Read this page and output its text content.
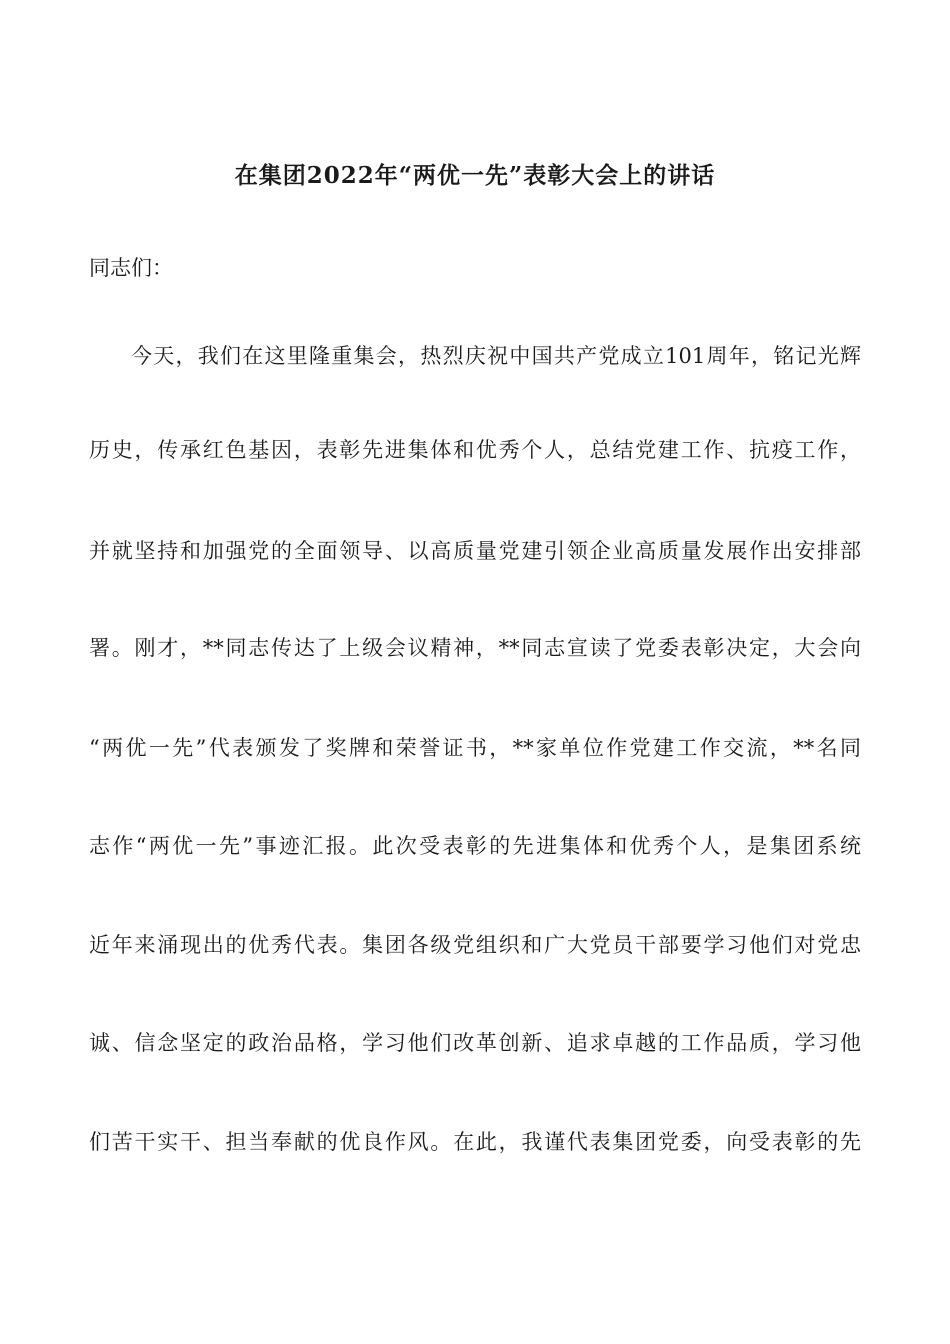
在集团2022年“两优一先”表彰大会上的讲话
同志们：
今天，我们在这里隆重集会，热烈庆祝中国共产党成立101周年，铭记光辉
历史，传承红色基因，表彰先进集体和优秀个人，总结党建工作、抗疫工作，
并就坚持和加强党的全面领导、以高质量党建引领企业高质量发展作出安排部
署。刚才，**同志传达了上级会议精神，**同志宣读了党委表彰决定，大会向
“两优一先”代表颁发了奖牌和荣誉证书，**家单位作党建工作交流，**名同
志作“两优一先”事迹汇报。此次受表彰的先进集体和优秀个人，是集团系统
近年来涌现出的优秀代表。集团各级党组织和广大党员干部要学习他们对党忠
诚、信念坚定的政治品格，学习他们改革创新、追求卓越的工作品质，学习他
们苦干实干、担当奉献的优良作风。在此，我谨代表集团党委，向受表彰的先
